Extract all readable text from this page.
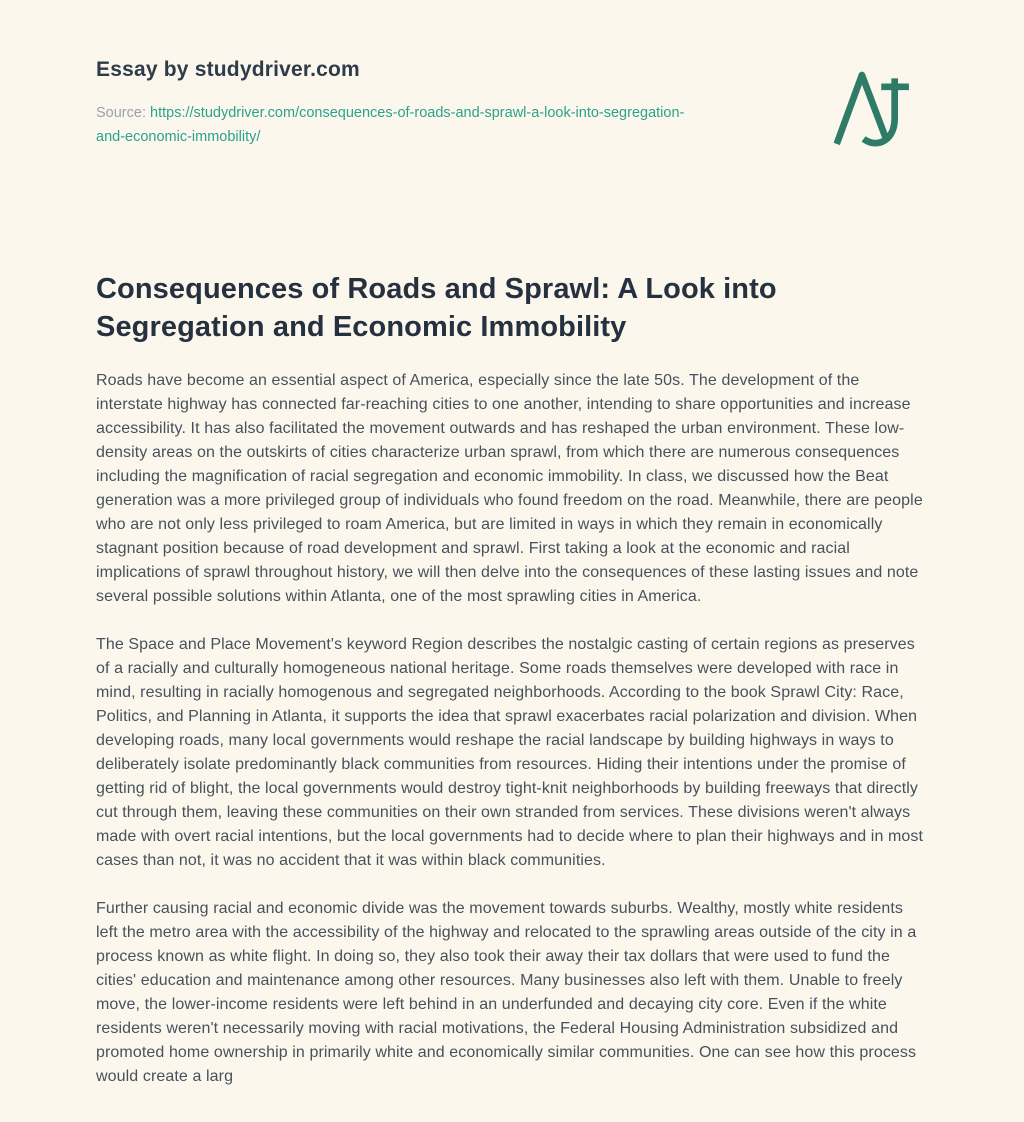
Essay by studydriver.com

Source: https://studydriver.com/consequences-of-roads-and-sprawl-a-look-into-segregation-and-economic-immobility/

Consequences of Roads and Sprawl: A Look into Segregation and Economic Immobility

Roads have become an essential aspect of America, especially since the late 50s. The development of the interstate highway has connected far-reaching cities to one another, intending to share opportunities and increase accessibility. It has also facilitated the movement outwards and has reshaped the urban environment. These low-density areas on the outskirts of cities characterize urban sprawl, from which there are numerous consequences including the magnification of racial segregation and economic immobility. In class, we discussed how the Beat generation was a more privileged group of individuals who found freedom on the road. Meanwhile, there are people who are not only less privileged to roam America, but are limited in ways in which they remain in economically stagnant position because of road development and sprawl. First taking a look at the economic and racial implications of sprawl throughout history, we will then delve into the consequences of these lasting issues and note several possible solutions within Atlanta, one of the most sprawling cities in America.

The Space and Place Movement's keyword Region describes the nostalgic casting of certain regions as preserves of a racially and culturally homogeneous national heritage. Some roads themselves were developed with race in mind, resulting in racially homogenous and segregated neighborhoods. According to the book Sprawl City: Race, Politics, and Planning in Atlanta, it supports the idea that sprawl exacerbates racial polarization and division. When developing roads, many local governments would reshape the racial landscape by building highways in ways to deliberately isolate predominantly black communities from resources. Hiding their intentions under the promise of getting rid of blight, the local governments would destroy tight-knit neighborhoods by building freeways that directly cut through them, leaving these communities on their own stranded from services. These divisions weren't always made with overt racial intentions, but the local governments had to decide where to plan their highways and in most cases than not, it was no accident that it was within black communities.

Further causing racial and economic divide was the movement towards suburbs. Wealthy, mostly white residents left the metro area with the accessibility of the highway and relocated to the sprawling areas outside of the city in a process known as white flight. In doing so, they also took their away their tax dollars that were used to fund the cities' education and maintenance among other resources. Many businesses also left with them. Unable to freely move, the lower-income residents were left behind in an underfunded and decaying city core. Even if the white residents weren't necessarily moving with racial motivations, the Federal Housing Administration subsidized and promoted home ownership in primarily white and economically similar communities. One can see how this process would create a larg
